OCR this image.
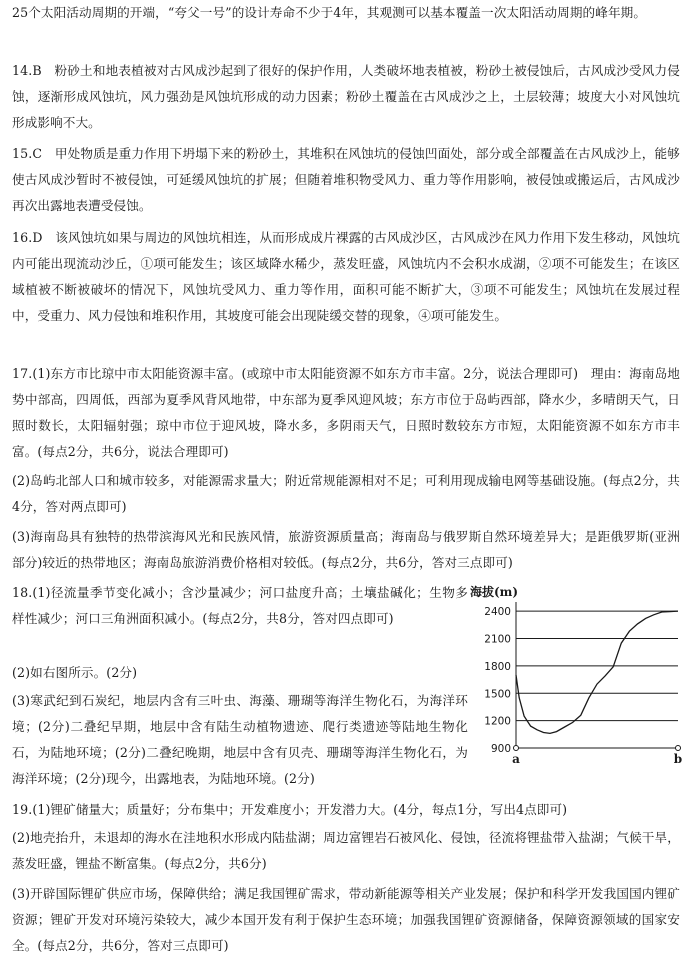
25个太阳活动周期的开端，“夸父一号”的设计寿命不少于4年，其观测可以基本覆盖一次太阳活动周期的峰年期。

14.B　粉砂土和地表植被对古风成沙起到了很好的保护作用，人类破坏地表植被，粉砂土被侵蚀后，古风成沙受风力侵蚀，逐渐形成风蚀坑，风力强劲是风蚀坑形成的动力因素；粉砂土覆盖在古风成沙之上，土层较薄；坡度大小对风蚀坑形成影响不大。

15.C　甲处物质是重力作用下坍塌下来的粉砂土，其堆积在风蚀坑的侵蚀凹面处，部分或全部覆盖在古风成沙上，能够使古风成沙暂时不被侵蚀，可延缓风蚀坑的扩展；但随着堆积物受风力、重力等作用影响，被侵蚀或搬运后，古风成沙再次出露地表遭受侵蚀。

16.D　该风蚀坑如果与周边的风蚀坑相连，从而形成成片裸露的古风成沙区，古风成沙在风力作用下发生移动，风蚀坑内可能出现流动沙丘，①项可能发生；该区域降水稀少，蒸发旺盛，风蚀坑内不会积水成湖，②项不可能发生；在该区域植被不断被破坏的情况下，风蚀坑受风力、重力等作用，面积可能不断扩大，③项不可能发生；风蚀坑在发展过程中，受重力、风力侵蚀和堆积作用，其坡度可能会出现陡缓交替的现象，④项可能发生。

17.(1)东方市比琼中市太阳能资源丰富。(或琼中市太阳能资源不如东方市丰富。2分，说法合理即可)　理由：海南岛地势中部高，四周低，西部为夏季风背风地带，中东部为夏季风迎风坡；东方市位于岛屿西部，降水少，多晴朗天气，日照时数长，太阳辐射强；琼中市位于迎风坡，降水多，多阴雨天气，日照时数较东方市短，太阳能资源不如东方市丰富。(每点2分，共6分，说法合理即可)

(2)岛屿北部人口和城市较多，对能源需求量大；附近常规能源相对不足；可利用现成输电网等基础设施。(每点2分，共4分，答对两点即可)

(3)海南岛具有独特的热带滨海风光和民族风情，旅游资源质量高；海南岛与俄罗斯自然环境差异大；是距俄罗斯(亚洲部分)较近的热带地区；海南岛旅游消费价格相对较低。(每点2分，共6分，答对三点即可)

18.(1)径流量季节变化减小；含沙量减少；河口盐度升高；土壤盐碱化；生物多样性减少；河口三角洲面积减小。(每点2分，共8分，答对四点即可)

(2)如右图所示。(2分)

(3)寒武纪到石炭纪，地层内含有三叶虫、海藻、珊瑚等海洋生物化石，为海洋环境；(2分)二叠纪早期，地层中含有陆生动植物遗迹、爬行类遗迹等陆地生物化石，为陆地环境；(2分)二叠纪晚期，地层中含有贝壳、珊瑚等海洋生物化石，为海洋环境；(2分)现今，出露地表，为陆地环境。(2分)

19.(1)锂矿储量大；质量好；分布集中；开发难度小；开发潜力大。(4分，每点1分，写出4点即可)

(2)地壳抬升，未退却的海水在洼地积水形成内陆盐湖；周边富锂岩石被风化、侵蚀，径流将锂盐带入盐湖；气候干旱，蒸发旺盛，锂盐不断富集。(每点2分，共6分)

(3)开辟国际锂矿供应市场，保障供给；满足我国锂矿需求，带动新能源等相关产业发展；保护和科学开发我国国内锂矿资源；锂矿开发对环境污染较大，减少本国开发有利于保护生态环境；加强我国锂矿资源储备，保障资源领域的国家安全。(每点2分，共6分，答对三点即可)

海拔(m)
900
1200
1500
1800
2100
2400
a	b
